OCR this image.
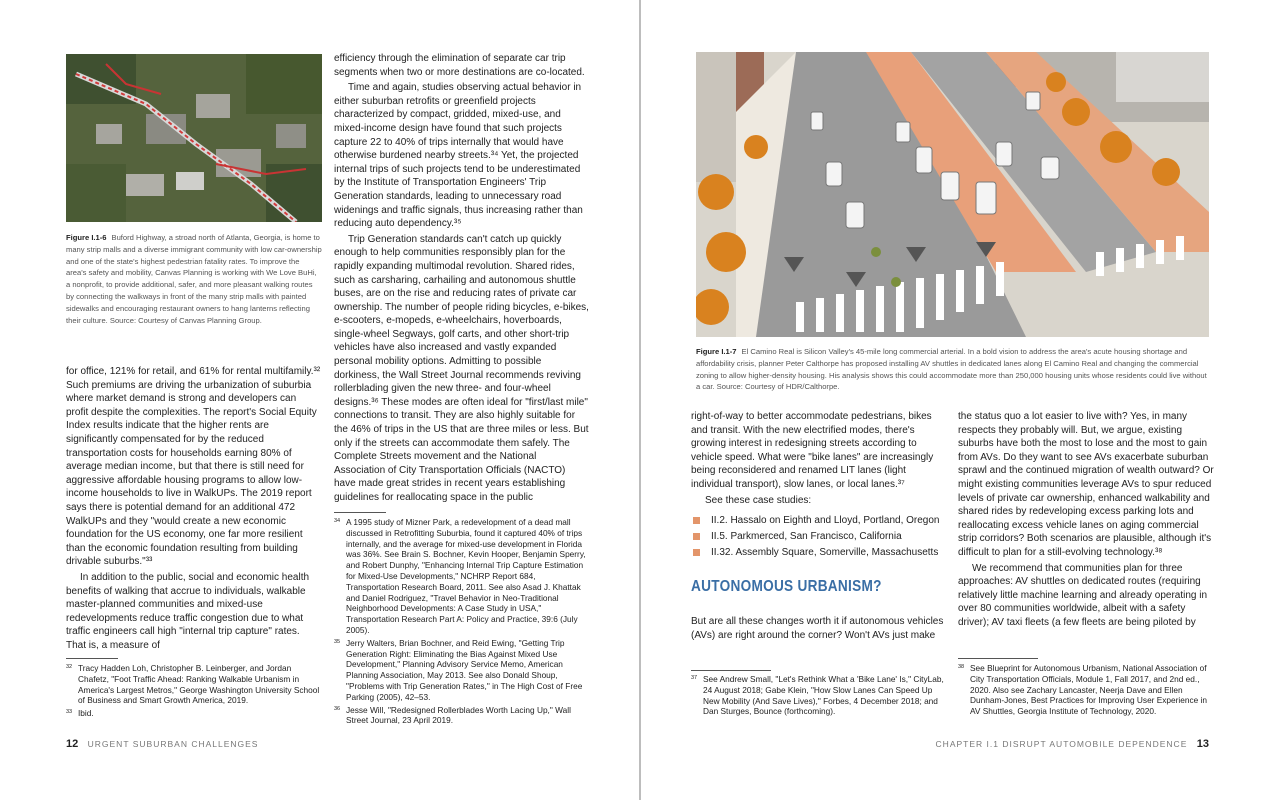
Figure I.1-6 Buford Highway, a stroad north of Atlanta, Georgia, is home to many strip malls and a diverse immigrant community with low car-ownership and one of the state's highest pedestrian fatality rates. To improve the area's safety and mobility, Canvas Planning is working with We Love BuHi, a nonprofit, to provide additional, safer, and more pleasant walking routes by connecting the walkways in front of the many strip malls with painted sidewalks and encouraging restaurant owners to hang lanterns reflecting their culture. Source: Courtesy of Canvas Planning Group.

for office, 121% for retail, and 61% for rental multifamily.³² Such premiums are driving the urbanization of suburbia where market demand is strong and developers can profit despite the complexities. The report's Social Equity Index results indicate that the higher rents are significantly compensated for by the reduced transportation costs for households earning 80% of average median income, but that there is still need for aggressive affordable housing programs to allow low-income households to live in WalkUPs. The 2019 report says there is potential demand for an additional 472 WalkUPs and they "would create a new economic foundation for the US economy, one far more resilient than the economic foundation resulting from building drivable suburbs."³³

In addition to the public, social and economic health benefits of walking that accrue to individuals, walkable master-planned communities and mixed-use redevelopments reduce traffic congestion due to what traffic engineers call high "internal trip capture" rates. That is, a measure of

efficiency through the elimination of separate car trip segments when two or more destinations are co-located.

Time and again, studies observing actual behavior in either suburban retrofits or greenfield projects characterized by compact, gridded, mixed-use, and mixed-income design have found that such projects capture 22 to 40% of trips internally that would have otherwise burdened nearby streets.³⁴ Yet, the projected internal trips of such projects tend to be underestimated by the Institute of Transportation Engineers' Trip Generation standards, leading to unnecessary road widenings and traffic signals, thus increasing rather than reducing auto dependency.³⁵

Trip Generation standards can't catch up quickly enough to help communities responsibly plan for the rapidly expanding multimodal revolution. Shared rides, such as carsharing, carhailing and autonomous shuttle buses, are on the rise and reducing rates of private car ownership. The number of people riding bicycles, e-bikes, e-scooters, e-mopeds, e-wheelchairs, hoverboards, single-wheel Segways, golf carts, and other short-trip vehicles have also increased and vastly expanded personal mobility options. Admitting to possible dorkiness, the Wall Street Journal recommends reviving rollerblading given the new three- and four-wheel designs.³⁶ These modes are often ideal for "first/last mile" connections to transit. They are also highly suitable for the 46% of trips in the US that are three miles or less. But only if the streets can accommodate them safely. The Complete Streets movement and the National Association of City Transportation Officials (NACTO) have made great strides in recent years establishing guidelines for reallocating space in the public

32 Tracy Hadden Loh, Christopher B. Leinberger, and Jordan Chafetz, "Foot Traffic Ahead: Ranking Walkable Urbanism in America's Largest Metros," George Washington University School of Business and Smart Growth America, 2019.
33 Ibid.
34 A 1995 study of Mizner Park, a redevelopment of a dead mall discussed in Retrofitting Suburbia, found it captured 40% of trips internally, and the average for mixed-use development in Florida was 36%. See Brain S. Bochner, Kevin Hooper, Benjamin Sperry, and Robert Dunphy, "Enhancing Internal Trip Capture Estimation for Mixed-Use Developments," NCHRP Report 684, Transportation Research Board, 2011. See also Asad J. Khattak and Daniel Rodriguez, "Travel Behavior in Neo-Traditional Neighborhood Developments: A Case Study in USA," Transportation Research Part A: Policy and Practice, 39:6 (July 2005).
35 Jerry Walters, Brian Bochner, and Reid Ewing, "Getting Trip Generation Right: Eliminating the Bias Against Mixed Use Development," Planning Advisory Service Memo, American Planning Association, May 2013. See also Donald Shoup, "Problems with Trip Generation Rates," in The High Cost of Free Parking (2005), 42–53.
36 Jesse Will, "Redesigned Rollerblades Worth Lacing Up," Wall Street Journal, 23 April 2019.
12 URGENT SUBURBAN CHALLENGES
Figure I.1-7 El Camino Real is Silicon Valley's 45-mile long commercial arterial. In a bold vision to address the area's acute housing shortage and affordability crisis, planner Peter Calthorpe has proposed installing AV shuttles in dedicated lanes along El Camino Real and changing the commercial zoning to allow higher-density housing. His analysis shows this could accommodate more than 250,000 housing units whose residents could live without a car. Source: Courtesy of HDR/Calthorpe.

right-of-way to better accommodate pedestrians, bikes and transit. With the new electrified modes, there's growing interest in redesigning streets according to vehicle speed. What were "bike lanes" are increasingly being reconsidered and renamed LIT lanes (light individual transport), slow lanes, or local lanes.³⁷

See these case studies:

II.2. Hassalo on Eighth and Lloyd, Portland, Oregon
II.5. Parkmerced, San Francisco, California
II.32. Assembly Square, Somerville, Massachusetts
AUTONOMOUS URBANISM?

But are all these changes worth it if autonomous vehicles (AVs) are right around the corner? Won't AVs just make

the status quo a lot easier to live with? Yes, in many respects they probably will. But, we argue, existing suburbs have both the most to lose and the most to gain from AVs. Do they want to see AVs exacerbate suburban sprawl and the continued migration of wealth outward? Or might existing communities leverage AVs to spur reduced levels of private car ownership, enhanced walkability and shared rides by redeveloping excess parking lots and reallocating excess vehicle lanes on aging commercial strip corridors? Both scenarios are plausible, although it's difficult to plan for a still-evolving technology.³⁸

We recommend that communities plan for three approaches: AV shuttles on dedicated routes (requiring relatively little machine learning and already operating in over 80 communities worldwide, albeit with a safety driver); AV taxi fleets (a few fleets are being piloted by

37 See Andrew Small, "Let's Rethink What a 'Bike Lane' Is," CityLab, 24 August 2018; Gabe Klein, "How Slow Lanes Can Speed Up New Mobility (And Save Lives)," Forbes, 4 December 2018; and Dan Sturges, Bounce (forthcoming).
38 See Blueprint for Autonomous Urbanism, National Association of City Transportation Officials, Module 1, Fall 2017, and 2nd ed., 2020. Also see Zachary Lancaster, Neerja Dave and Ellen Dunham-Jones, Best Practices for Improving User Experience in AV Shuttles, Georgia Institute of Technology, 2020.
CHAPTER I.1 DISRUPT AUTOMOBILE DEPENDENCE 13
